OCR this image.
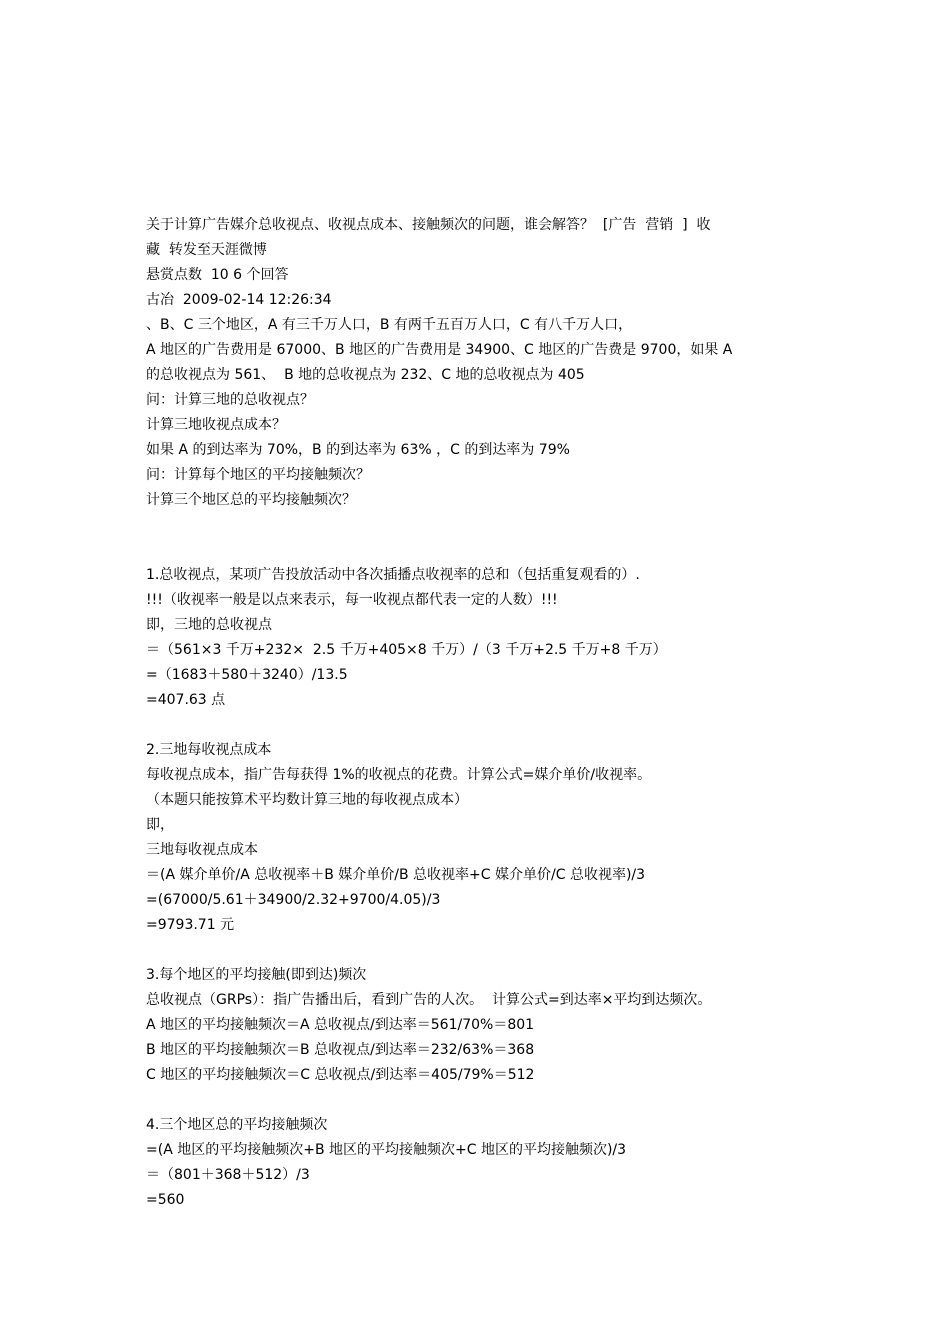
关于计算广告媒介总收视点、收视点成本、接触频次的问题，谁会解答？  [广告  营销  ]  收
藏  转发至天涯微博
悬赏点数  10 6 个回答
古冶  2009-02-14 12:26:34
、B、C 三个地区，A 有三千万人口，B 有两千五百万人口，C 有八千万人口，
A 地区的广告费用是 67000、B 地区的广告费用是 34900、C 地区的广告费是 9700，如果 A
的总收视点为 561、  B 地的总收视点为 232、C 地的总收视点为 405
问：计算三地的总收视点？
计算三地收视点成本？
如果 A 的到达率为 70%，B 的到达率为 63% ，C 的到达率为 79%
问：计算每个地区的平均接触频次？
计算三个地区总的平均接触频次？
1.总收视点，某项广告投放活动中各次插播点收视率的总和（包括重复观看的）.
!!!（收视率一般是以点来表示，每一收视点都代表一定的人数）!!!
即，三地的总收视点
＝（561×3 千万+232×  2.5 千万+405×8 千万）/（3 千万+2.5 千万+8 千万）
=（1683＋580＋3240）/13.5
=407.63 点
2.三地每收视点成本
每收视点成本，指广告每获得 1%的收视点的花费。计算公式=媒介单价/收视率。
（本题只能按算术平均数计算三地的每收视点成本）
即，
三地每收视点成本
＝(A 媒介单价/A 总收视率＋B 媒介单价/B 总收视率+C 媒介单价/C 总收视率)/3
=(67000/5.61＋34900/2.32+9700/4.05)/3
=9793.71 元
3.每个地区的平均接触(即到达)频次
总收视点（GRPs）：指广告播出后，看到广告的人次。  计算公式=到达率×平均到达频次。
A 地区的平均接触频次＝A 总收视点/到达率＝561/70%＝801
B 地区的平均接触频次＝B 总收视点/到达率＝232/63%＝368
C 地区的平均接触频次＝C 总收视点/到达率＝405/79%＝512
4.三个地区总的平均接触频次
=(A 地区的平均接触频次+B 地区的平均接触频次+C 地区的平均接触频次)/3
＝（801＋368＋512）/3
=560
